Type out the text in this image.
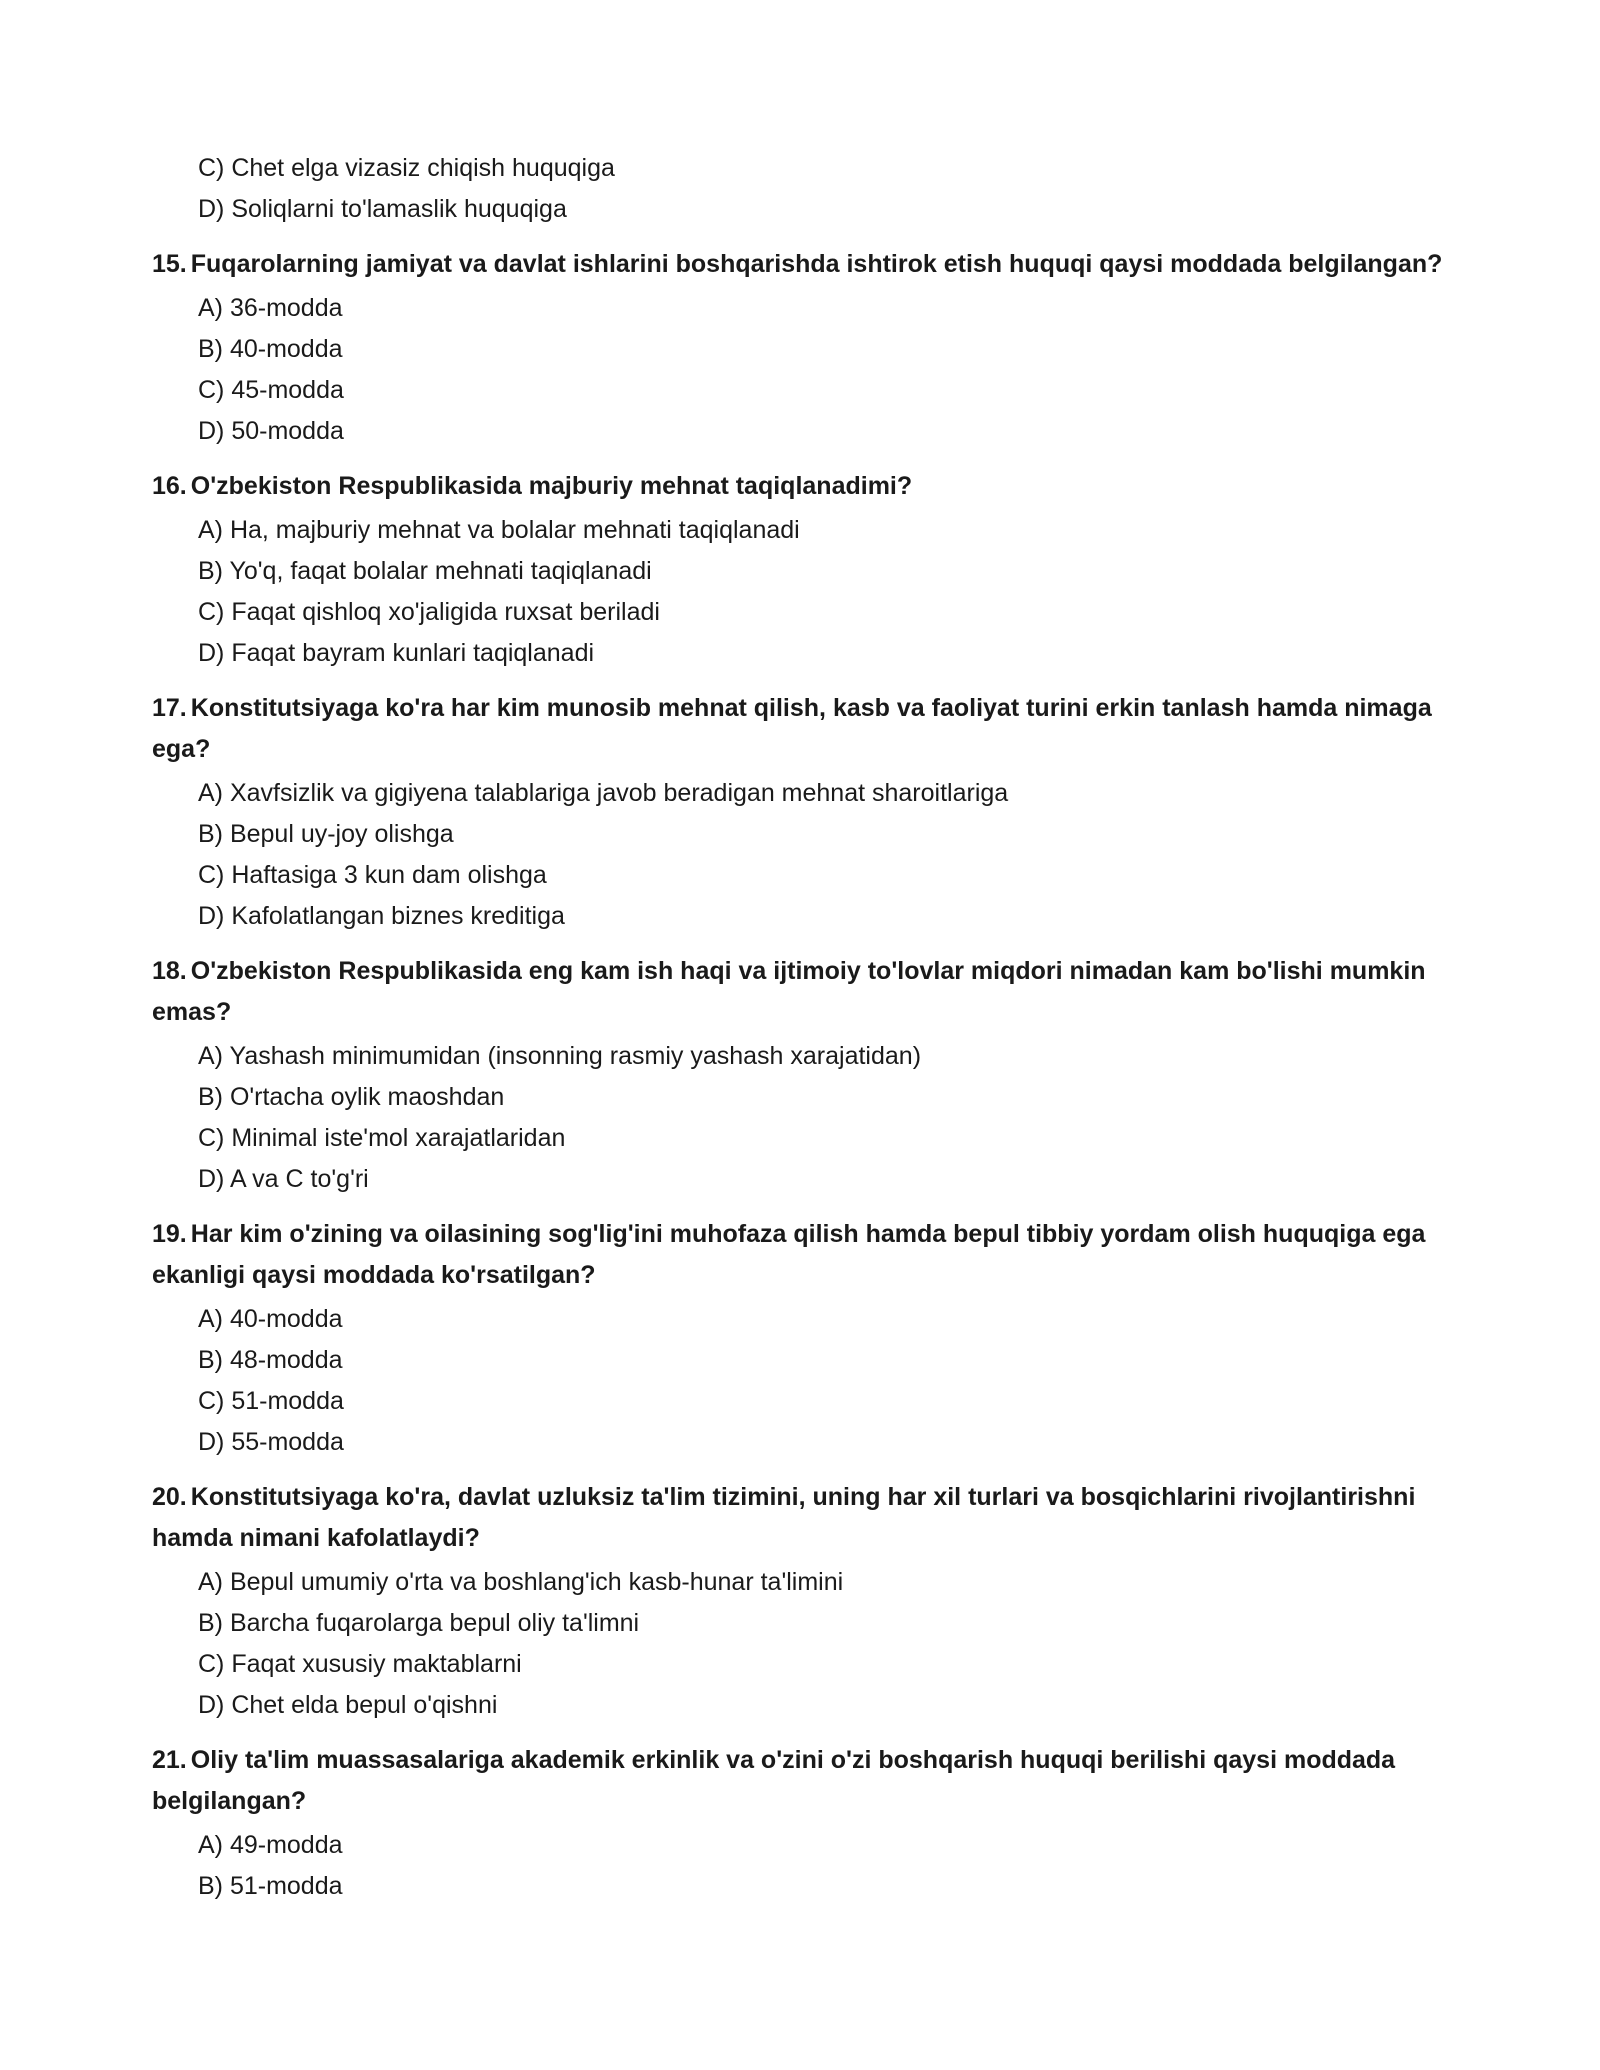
C) Chet elga vizasiz chiqish huquqiga
D) Soliqlarni to'lamaslik huquqiga
15. Fuqarolarning jamiyat va davlat ishlarini boshqarishda ishtirok etish huquqi qaysi moddada belgilangan?
A) 36-modda
B) 40-modda
C) 45-modda
D) 50-modda
16. O'zbekiston Respublikasida majburiy mehnat taqiqlanadimi?
A) Ha, majburiy mehnat va bolalar mehnati taqiqlanadi
B) Yo'q, faqat bolalar mehnati taqiqlanadi
C) Faqat qishloq xo'jaligida ruxsat beriladi
D) Faqat bayram kunlari taqiqlanadi
17. Konstitutsiyaga ko'ra har kim munosib mehnat qilish, kasb va faoliyat turini erkin tanlash hamda nimaga ega?
A) Xavfsizlik va gigiyena talablariga javob beradigan mehnat sharoitlariga
B) Bepul uy-joy olishga
C) Haftasiga 3 kun dam olishga
D) Kafolatlangan biznes kreditiga
18. O'zbekiston Respublikasida eng kam ish haqi va ijtimoiy to'lovlar miqdori nimadan kam bo'lishi mumkin emas?
A) Yashash minimumidan (insonning rasmiy yashash xarajatidan)
B) O'rtacha oylik maoshdan
C) Minimal iste'mol xarajatlaridan
D) A va C to'g'ri
19. Har kim o'zining va oilasining sog'lig'ini muhofaza qilish hamda bepul tibbiy yordam olish huquqiga ega ekanligi qaysi moddada ko'rsatilgan?
A) 40-modda
B) 48-modda
C) 51-modda
D) 55-modda
20. Konstitutsiyaga ko'ra, davlat uzluksiz ta'lim tizimini, uning har xil turlari va bosqichlarini rivojlantirishni hamda nimani kafolatlaydi?
A) Bepul umumiy o'rta va boshlang'ich kasb-hunar ta'limini
B) Barcha fuqarolarga bepul oliy ta'limni
C) Faqat xususiy maktablarni
D) Chet elda bepul o'qishni
21. Oliy ta'lim muassasalariga akademik erkinlik va o'zini o'zi boshqarish huquqi berilishi qaysi moddada belgilangan?
A) 49-modda
B) 51-modda
